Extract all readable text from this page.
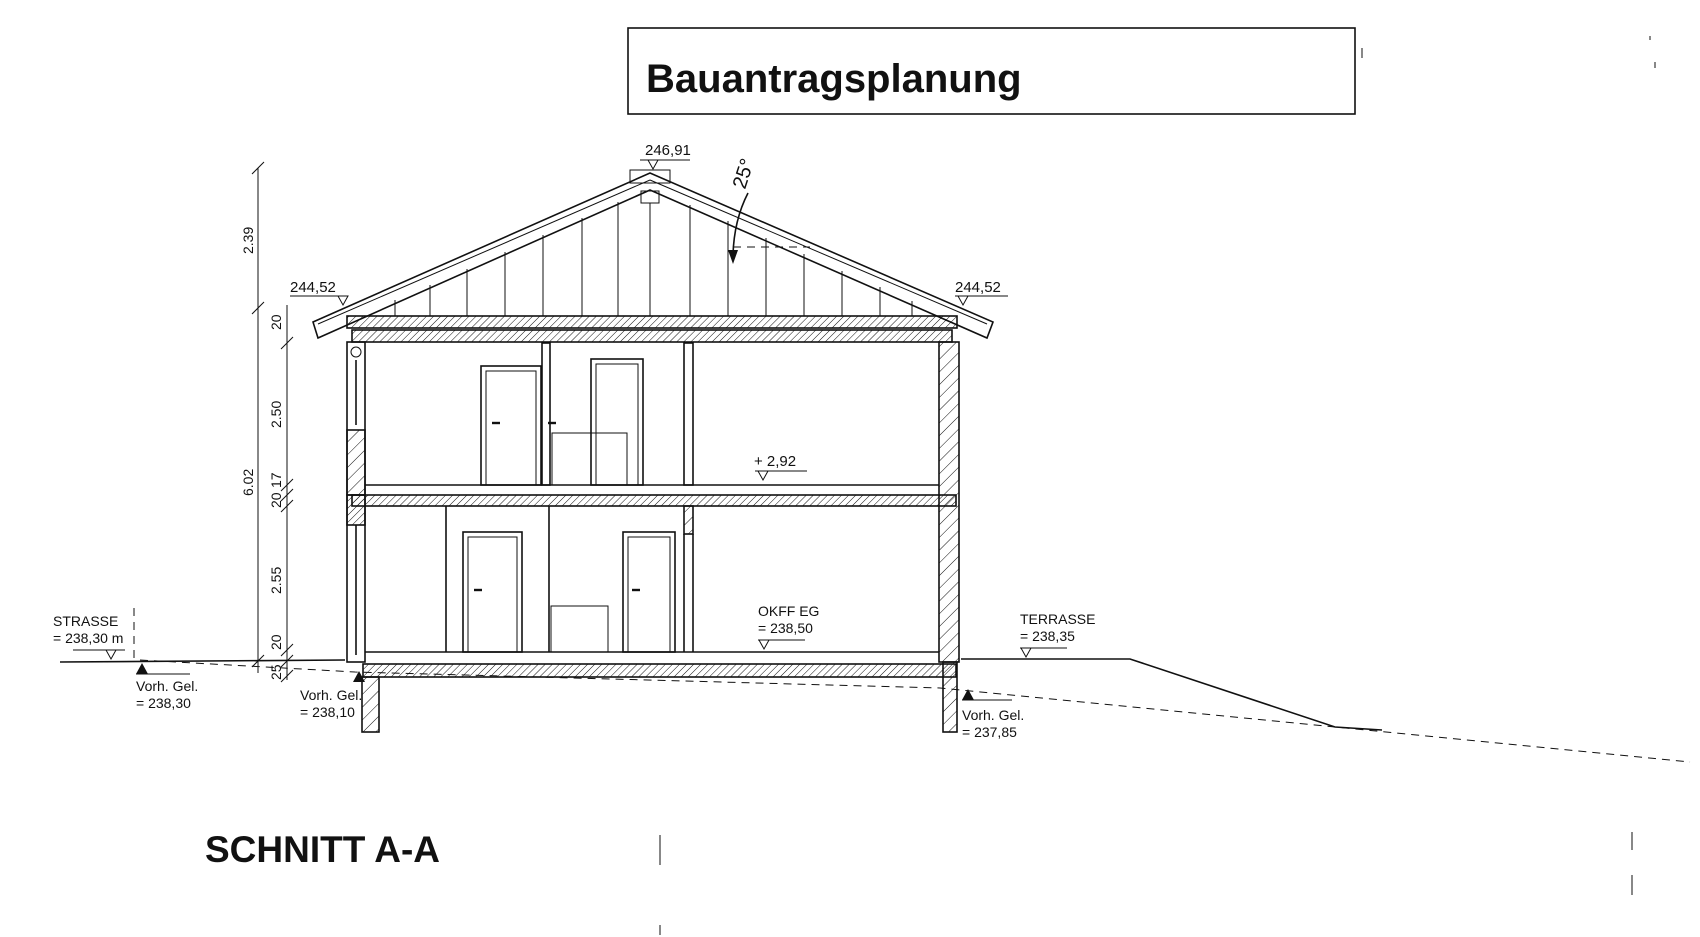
Bauantragsplanung
25°
246,91
244,52	244,52
+ 2,92
OKFF EG
= 238,50
TERRASSE
= 238,35
STRASSE
= 238,30 m
Vorh. Gel.
= 238,30	Vorh. Gel.
= 238,10	Vorh. Gel.
= 237,85
2.39
6.02
20
2.50
20
17
2.55
20
25
SCHNITT A-A
